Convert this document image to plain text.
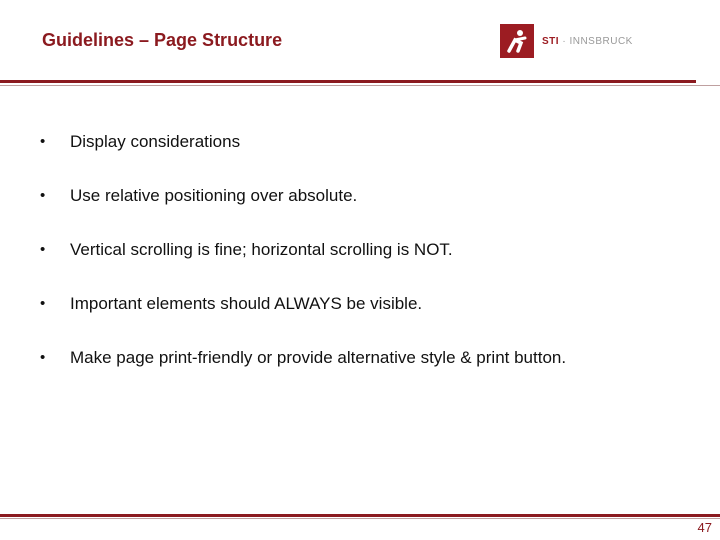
Guidelines – Page Structure	STI · INNSBRUCK
•	Display considerations
•	Use relative positioning over absolute.
•	Vertical scrolling is fine; horizontal scrolling is NOT.
•	Important elements should ALWAYS be visible.
•	Make page print-friendly or provide alternative style & print button.
47
